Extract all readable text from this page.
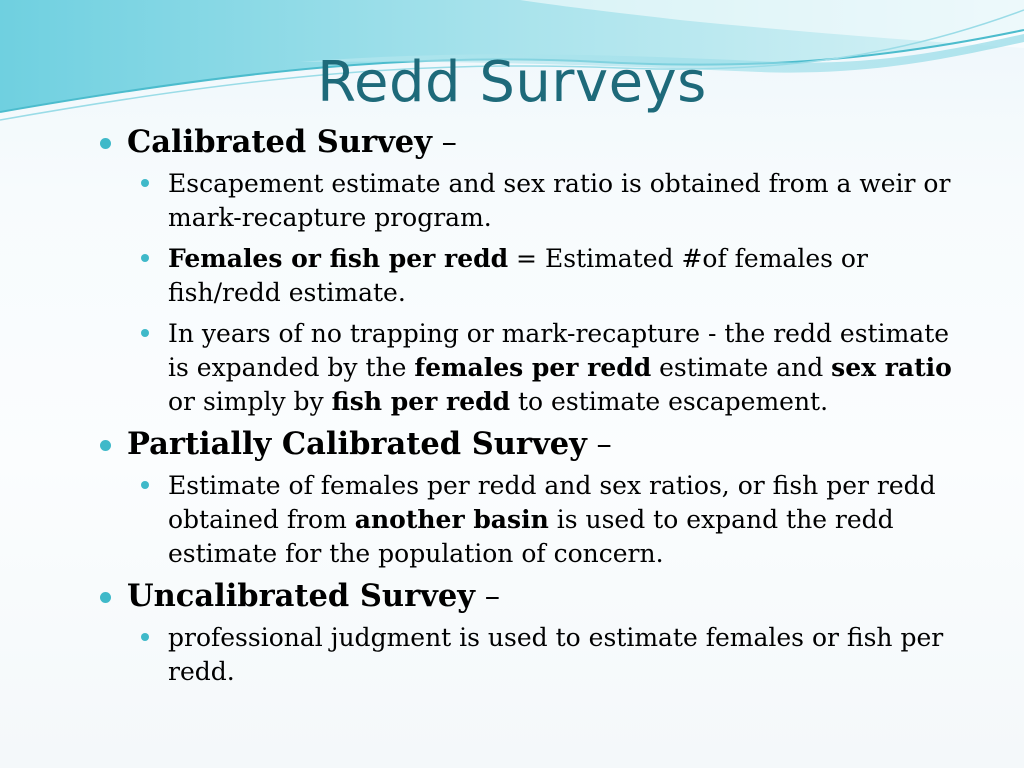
Redd Surveys
Calibrated Survey –
Escapement estimate and sex ratio is obtained from a weir or mark-recapture program.
Females or fish per redd = Estimated #of females or fish/redd estimate.
In years of no trapping or mark-recapture - the redd estimate is expanded by the females per redd estimate and sex ratio or simply by fish per redd to estimate escapement.
Partially Calibrated Survey –
Estimate of females per redd and sex ratios, or fish per redd obtained from another basin is used to expand the redd estimate for the population of concern.
Uncalibrated Survey –
professional judgment is used to estimate females or fish per redd.
